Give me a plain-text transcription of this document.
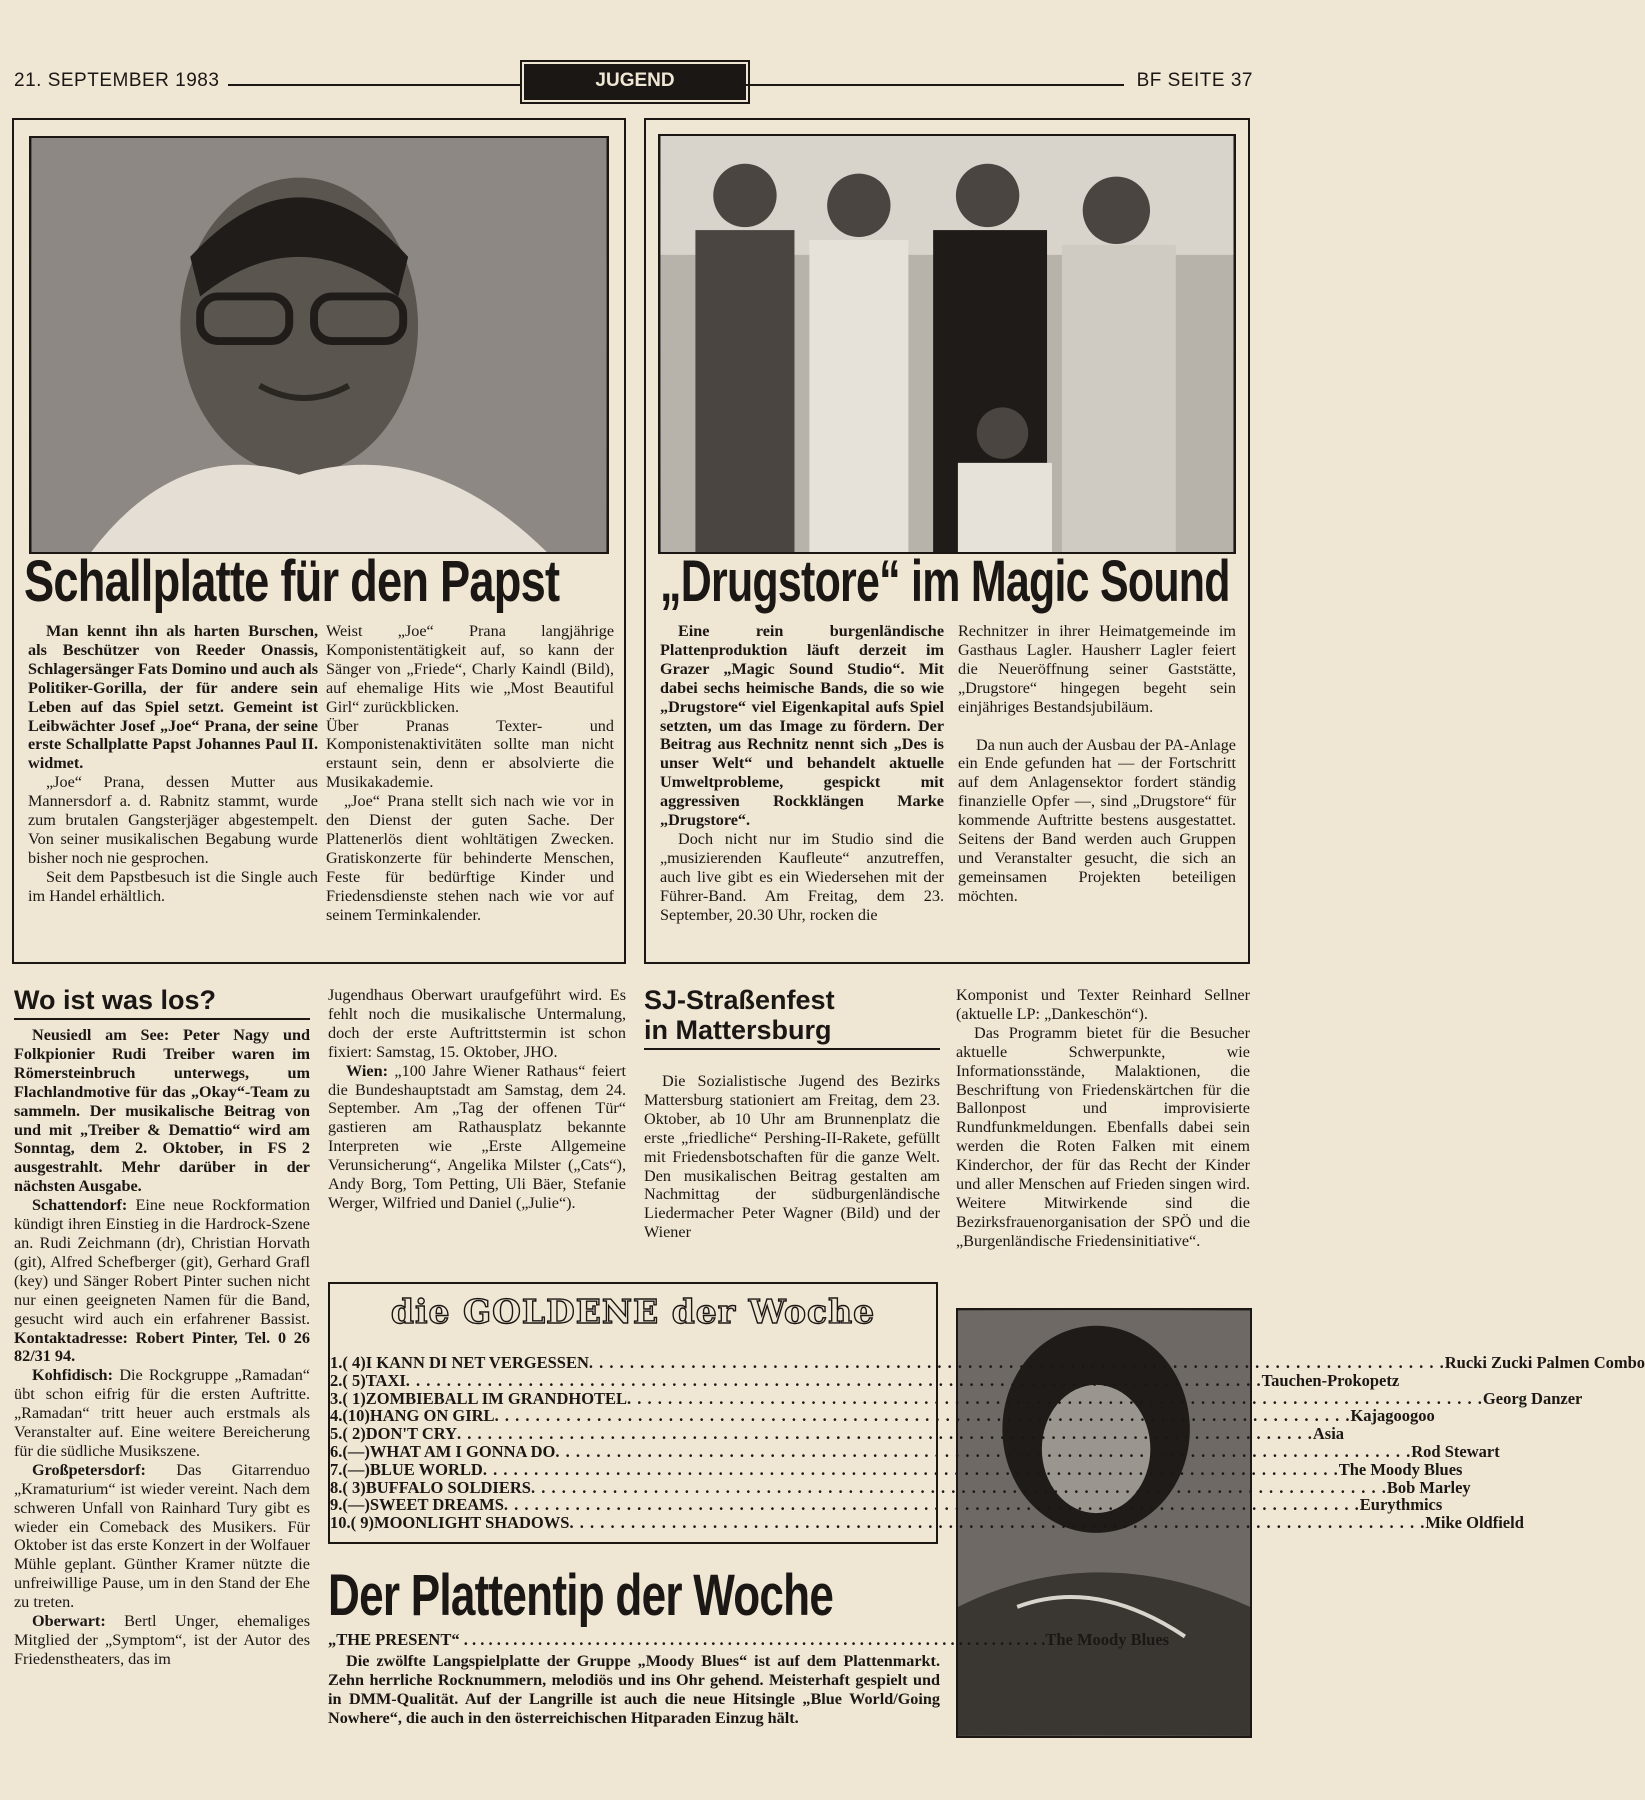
21. SEPTEMBER 1983	JUGEND	BF SEITE 37
Schallplatte für den Papst

Man kennt ihn als harten Burschen, als Beschützer von Reeder Onassis, Schlagersänger Fats Domino und auch als Politiker-Gorilla, der für andere sein Leben auf das Spiel setzt. Gemeint ist Leibwächter Josef „Joe“ Prana, der seine erste Schallplatte Papst Johannes Paul II. widmet.

„Joe“ Prana, dessen Mutter aus Mannersdorf a. d. Rabnitz stammt, wurde zum brutalen Gangsterjäger abgestempelt. Von seiner musikalischen Begabung wurde bisher noch nie gesprochen.

Seit dem Papstbesuch ist die Single auch im Handel erhältlich.

Weist „Joe“ Prana langjährige Komponistentätigkeit auf, so kann der Sänger von „Friede“, Charly Kaindl (Bild), auf ehemalige Hits wie „Most Beautiful Girl“ zurückblicken.

Über Pranas Texter- und Komponistenaktivitäten sollte man nicht erstaunt sein, denn er absolvierte die Musikakademie.

„Joe“ Prana stellt sich nach wie vor in den Dienst der guten Sache. Der Plattenerlös dient wohltätigen Zwecken. Gratiskonzerte für behinderte Menschen, Feste für bedürftige Kinder und Friedensdienste stehen nach wie vor auf seinem Terminkalender.

„Drugstore“ im Magic Sound

Eine rein burgenländische Plattenproduktion läuft derzeit im Grazer „Magic Sound Studio“. Mit dabei sechs heimische Bands, die so wie „Drugstore“ viel Eigenkapital aufs Spiel setzten, um das Image zu fördern. Der Beitrag aus Rechnitz nennt sich „Des is unser Welt“ und behandelt aktuelle Umweltprobleme, gespickt mit aggressiven Rockklängen Marke „Drugstore“.

Doch nicht nur im Studio sind die „musizierenden Kaufleute“ anzutreffen, auch live gibt es ein Wiedersehen mit der Führer-Band. Am Freitag, dem 23. September, 20.30 Uhr, rocken die

Rechnitzer in ihrer Heimatgemeinde im Gasthaus Lagler. Hausherr Lagler feiert die Neueröffnung seiner Gaststätte, „Drugstore“ hingegen begeht sein einjähriges Bestandsjubiläum.

Da nun auch der Ausbau der PA-Anlage ein Ende gefunden hat — der Fortschritt auf dem Anlagensektor fordert ständig finanzielle Opfer —, sind „Drugstore“ für kommende Auftritte bestens ausgestattet. Seitens der Band werden auch Gruppen und Veranstalter gesucht, die sich an gemeinsamen Projekten beteiligen möchten.

Wo ist was los?

Neusiedl am See: Peter Nagy und Folkpionier Rudi Treiber waren im Römersteinbruch unterwegs, um Flachlandmotive für das „Okay“-Team zu sammeln. Der musikalische Beitrag von und mit „Treiber & Demattio“ wird am Sonntag, dem 2. Oktober, in FS 2 ausgestrahlt. Mehr darüber in der nächsten Ausgabe.

Schattendorf: Eine neue Rockformation kündigt ihren Einstieg in die Hardrock-Szene an. Rudi Zeichmann (dr), Christian Horvath (git), Alfred Schefberger (git), Gerhard Grafl (key) und Sänger Robert Pinter suchen nicht nur einen geeigneten Namen für die Band, gesucht wird auch ein erfahrener Bassist. Kontaktadresse: Robert Pinter, Tel. 0 26 82/31 94.

Kohfidisch: Die Rockgruppe „Ramadan“ übt schon eifrig für die ersten Auftritte. „Ramadan“ tritt heuer auch erstmals als Veranstalter auf. Eine weitere Bereicherung für die südliche Musikszene.

Großpetersdorf: Das Gitarrenduo „Kramaturium“ ist wieder vereint. Nach dem schweren Unfall von Rainhard Tury gibt es wieder ein Comeback des Musikers. Für Oktober ist das erste Konzert in der Wolfauer Mühle geplant. Günther Kramer nützte die unfreiwillige Pause, um in den Stand der Ehe zu treten.

Oberwart: Bertl Unger, ehemaliges Mitglied der „Symptom“, ist der Autor des Friedenstheaters, das im

Jugendhaus Oberwart uraufgeführt wird. Es fehlt noch die musikalische Untermalung, doch der erste Auftrittstermin ist schon fixiert: Samstag, 15. Oktober, JHO.

Wien: „100 Jahre Wiener Rathaus“ feiert die Bundeshauptstadt am Samstag, dem 24. September. Am „Tag der offenen Tür“ gastieren am Rathausplatz bekannte Interpreten wie „Erste Allgemeine Verunsicherung“, Angelika Milster („Cats“), Andy Borg, Tom Petting, Uli Bäer, Stefanie Werger, Wilfried und Daniel („Julie“).

SJ-Straßenfest
in Mattersburg

Die Sozialistische Jugend des Bezirks Mattersburg stationiert am Freitag, dem 23. Oktober, ab 10 Uhr am Brunnenplatz die erste „friedliche“ Pershing-II-Rakete, gefüllt mit Friedensbotschaften für die ganze Welt. Den musikalischen Beitrag gestalten am Nachmittag der südburgenländische Liedermacher Peter Wagner (Bild) und der Wiener

Komponist und Texter Reinhard Sellner (aktuelle LP: „Dankeschön“).

Das Programm bietet für die Besucher aktuelle Schwerpunkte, wie Informationsstände, Malaktionen, die Beschriftung von Friedenskärtchen für die Ballonpost und improvisierte Rundfunkmeldungen. Ebenfalls dabei sein werden die Roten Falken mit einem Kinderchor, der für das Recht der Kinder und aller Menschen auf Frieden singen wird. Weitere Mitwirkende sind die Bezirksfrauenorganisation der SPÖ und die „Burgenländische Friedensinitiative“.

die GOLDENE der Woche
1. ( 4) I KANN DI NET VERGESSEN . . .	Rucki Zucki Palmen Combo
2. ( 5) TAXI . . .	Tauchen-Prokopetz
3. ( 1) ZOMBIEBALL IM GRANDHOTEL . . .	Georg Danzer
4. (10) HANG ON GIRL . . .	Kajagoogoo
5. ( 2) DON'T CRY . . .	Asia
6. (—) WHAT AM I GONNA DO . . .	Rod Stewart
7. (—) BLUE WORLD . . .	The Moody Blues
8. ( 3) BUFFALO SOLDIERS . . .	Bob Marley
9. (—) SWEET DREAMS . . .	Eurythmics
10. ( 9) MOONLIGHT SHADOWS . . .	Mike Oldfield
Der Plattentip der Woche
„THE PRESENT“ . . . . . . . . . . . . . . . . . . . . . . . . . . . . . . . . . . . . . . . . . . . . . . . . . . . . . . . . . . . . . . . . . . . . . . . The Moody Blues

Die zwölfte Langspielplatte der Gruppe „Moody Blues“ ist auf dem Plattenmarkt. Zehn herrliche Rocknummern, melodiös und ins Ohr gehend. Meisterhaft gespielt und in DMM-Qualität. Auf der Langrille ist auch die neue Hitsingle „Blue World/Going Nowhere“, die auch in den österreichischen Hitparaden Einzug hält.
